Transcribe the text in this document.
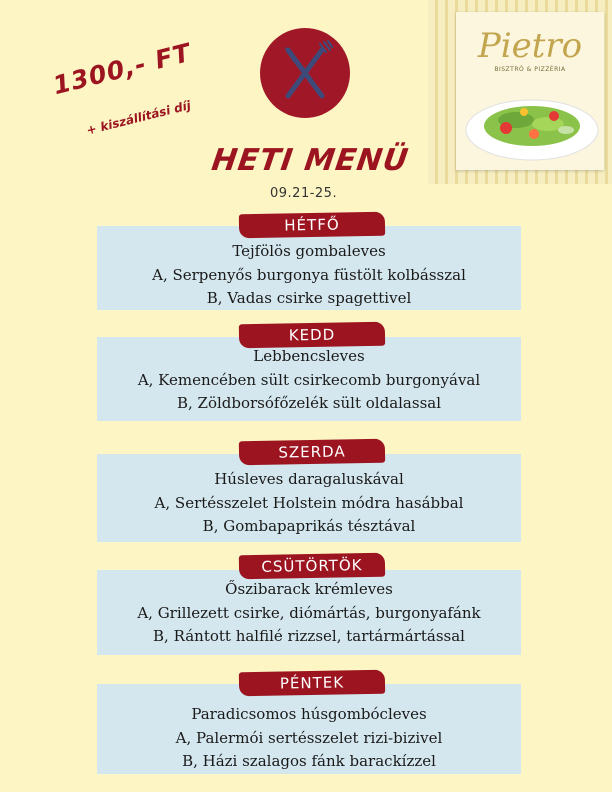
1300,- FT
+ kiszállítási díj
HETI MENÜ
09.21-25.
Pietro
BISZTRÓ & PIZZÉRIA
HÉTFŐ
Tejfölös gombaleves
A, Serpenyős burgonya füstölt kolbásszal
B, Vadas csirke spagettivel
KEDD
Lebbencsleves
A, Kemencében sült csirkecomb burgonyával
B, Zöldborsófőzelék sült oldalassal
SZERDA
Húsleves daragaluskával
A, Sertésszelet Holstein módra hasábbal
B, Gombapaprikás tésztával
CSÜTÖRTÖK
Őszibarack krémleves
A, Grillezett csirke, diómártás, burgonyafánk
B, Rántott halfilé rizzsel, tartármártással
PÉNTEK
Paradicsomos húsgombócleves
A, Palermói sertésszelet rizi-bizivel
B, Házi szalagos fánk barackízzel
